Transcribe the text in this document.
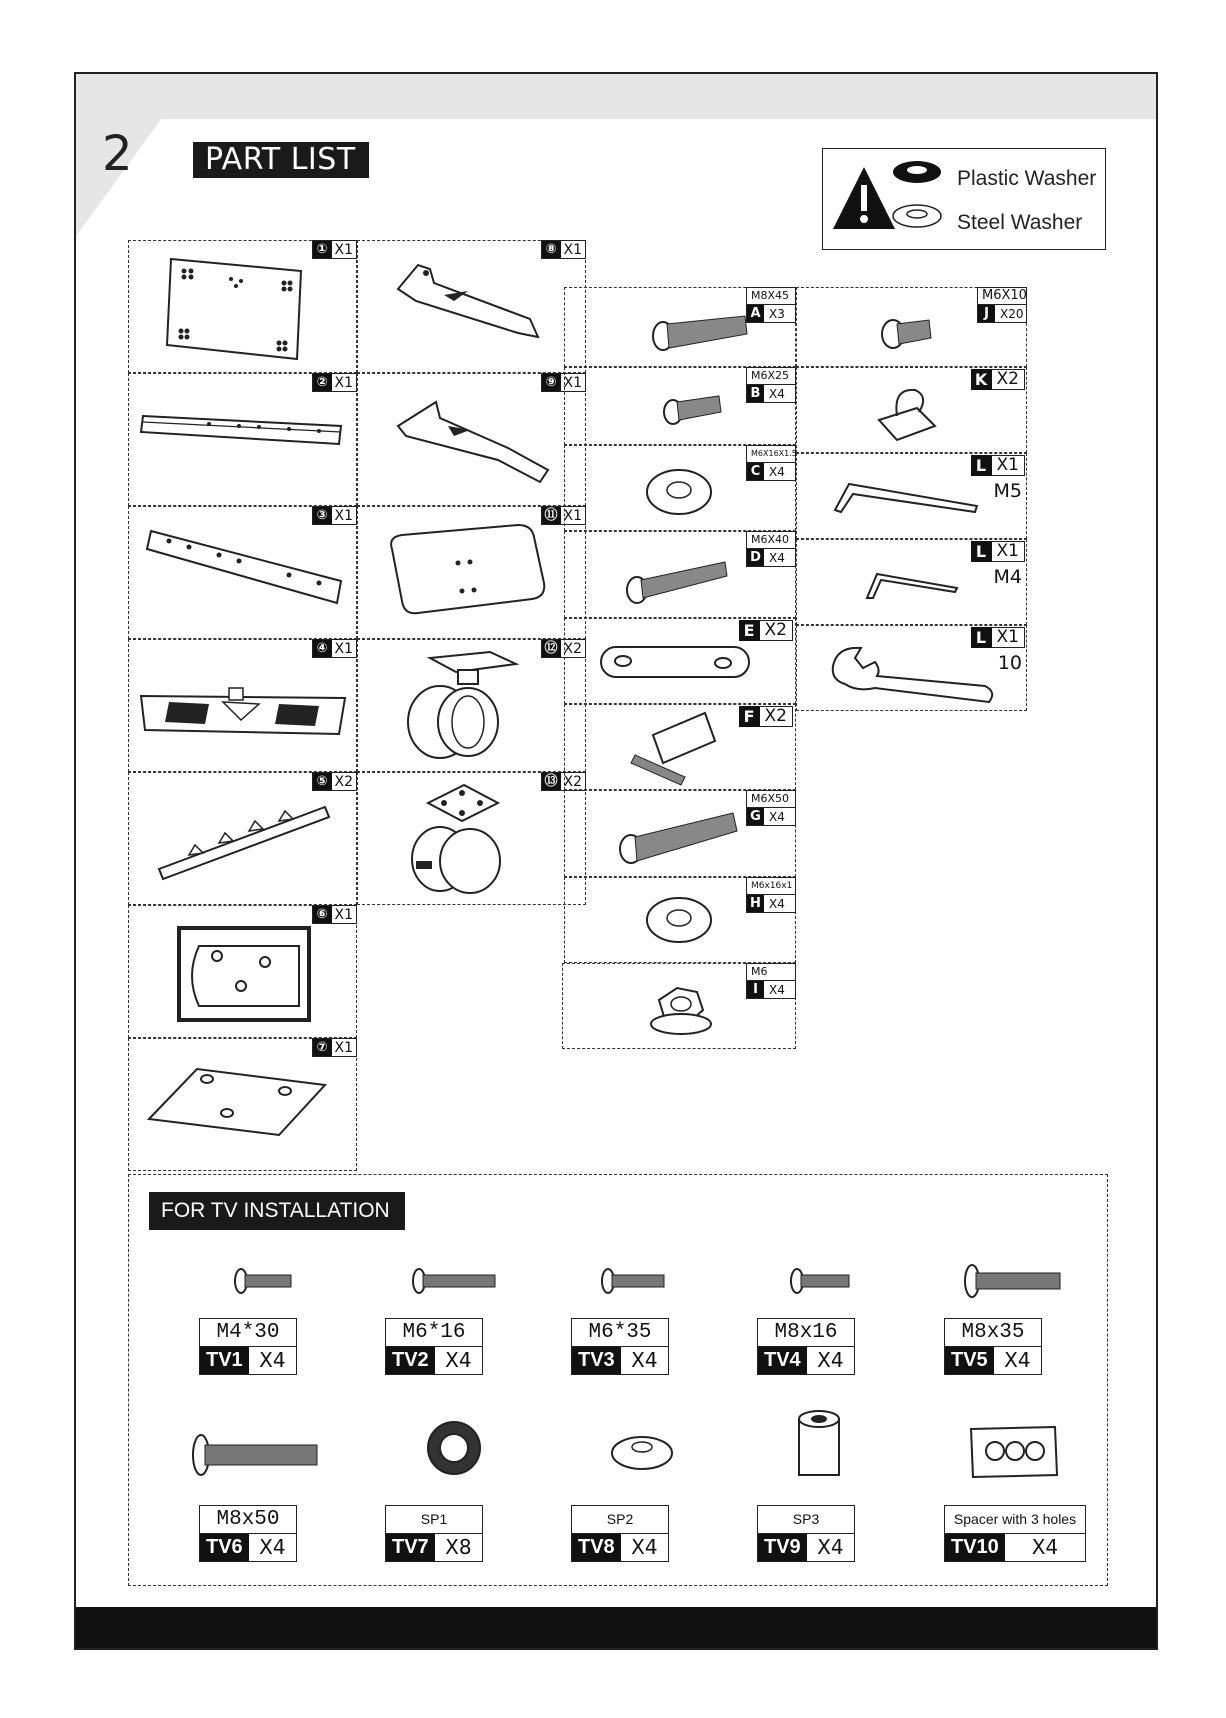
2	PART LIST
Plastic Washer
Steel Washer
① X1	⑧ X1
② X1	⑨ X1
③ X1	⑪ X1
④ X1	⑫ X2
⑤ X2	⑬ X2
⑥ X1
⑦ X1
M8X45
A X3
M6X25
B X4
M6X16X1.5
C X4
M6X40
D X4
E X2
F X2
M6X50
G X4
M6x16x1
H X4
M6
I X4
M6X10
J X20
K X2
L X1
M5
L X1
M4
L X1
10
FOR TV INSTALLATION
M4*30
TV1 X4
M6*16
TV2 X4
M6*35
TV3 X4
M8x16
TV4 X4
M8x35
TV5 X4
M8x50
TV6 X4
SP1
TV7 X8
SP2
TV8 X4
SP3
TV9 X4
Spacer with 3 holes
TV10	X4
